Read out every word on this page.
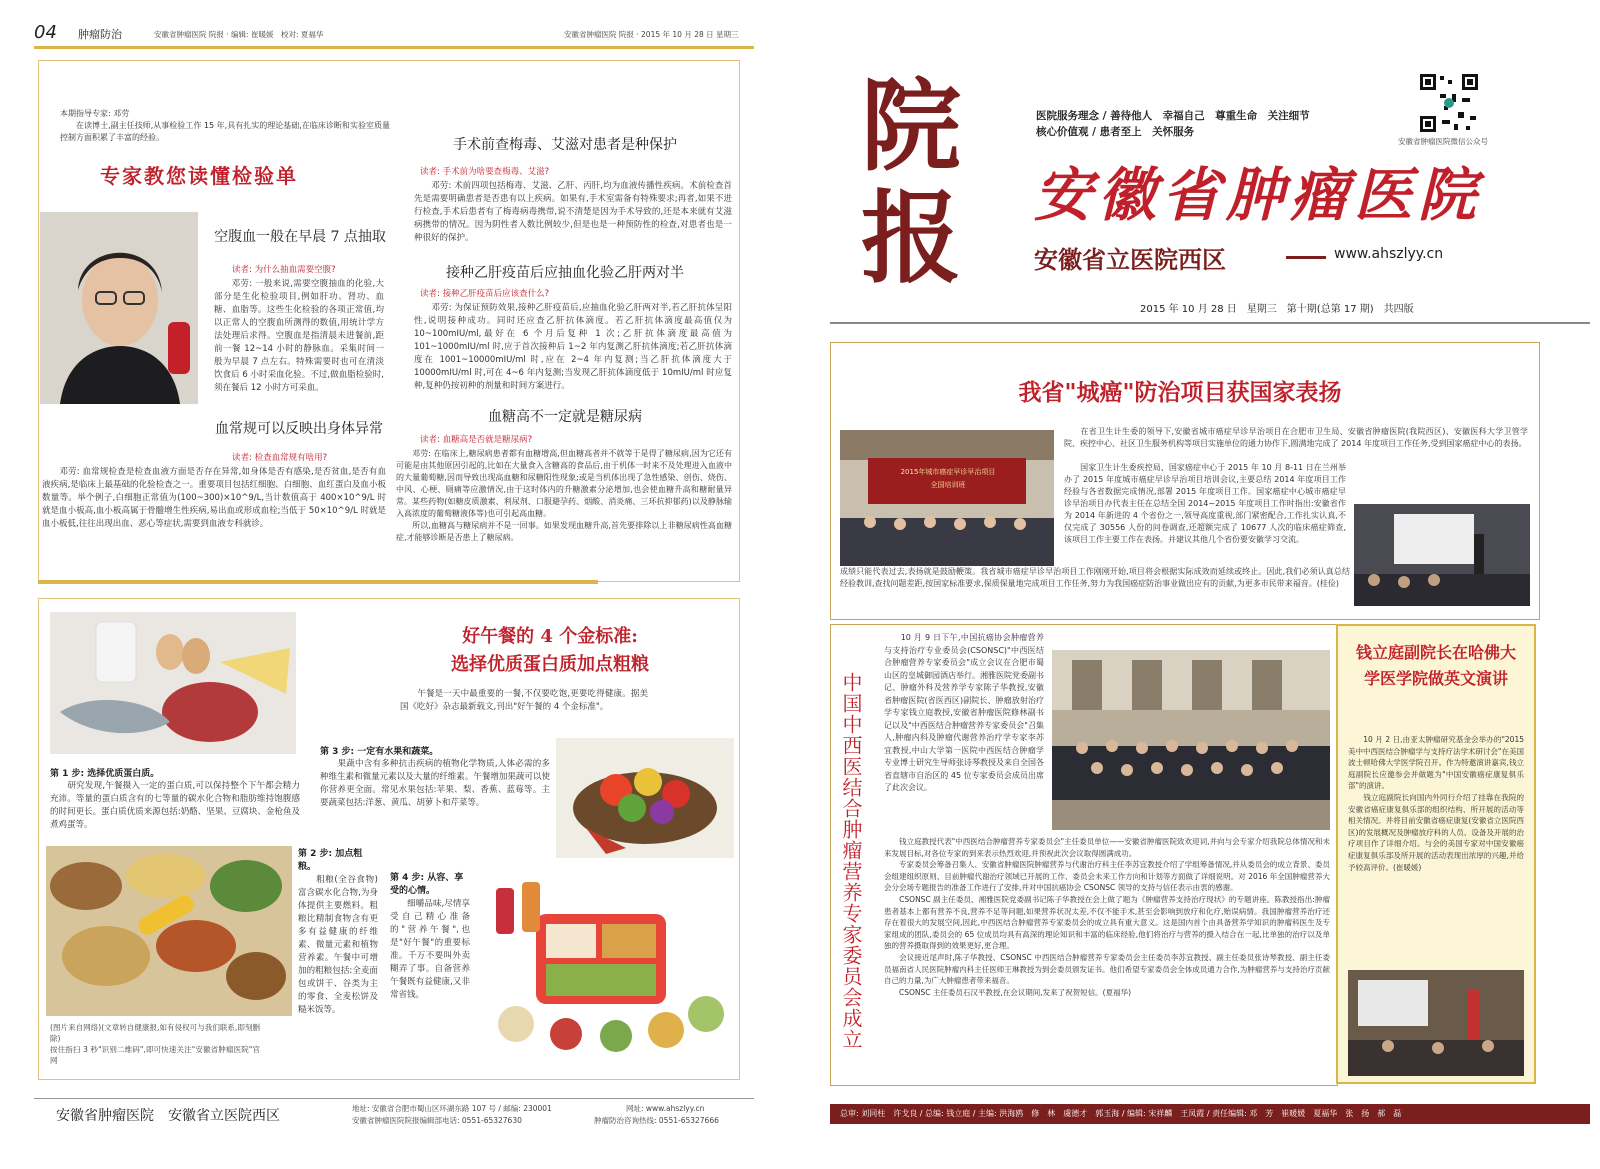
04 肿瘤防治	安徽省肿瘤医院 院报 · 编辑: 崔暖媛　校对: 夏福华	安徽省肿瘤医院 院报 · 2015 年 10 月 28 日 星期三
本期指导专家: 邓劳
　　在读博士,副主任技师,从事检验工作 15 年,具有扎实的理论基础,在临床诊断和实验室质量控制方面积累了丰富的经验。
专家教您读懂检验单
空腹血一般在早晨 7 点抽取
读者: 为什么抽血需要空腹?
　　邓劳: 一般来说,需要空腹抽血的化验,大部分是生化检验项目,例如肝功、肾功、血糖、血脂等。这些生化检验的各项正常值,均以正常人的空腹血所测得的数值,用统计学方法处理后求得。空腹血是指清晨未进餐前,距前一餐 12~14 小时的静脉血。采集时间一般为早晨 7 点左右。特殊需要时也可在清淡饮食后 6 小时采血化验。不过,做血脂检验时,须在餐后 12 小时方可采血。
血常规可以反映出身体异常
读者: 检查血常规有啥用?
　　邓劳: 血常规检查是检查血液方面是否存在异常,如身体是否有感染,是否贫血,是否有血液疾病,是临床上最基础的化验检查之一。重要项目包括红细胞、白细胞、血红蛋白及血小板数量等。举个例子,白细胞正常值为(100~300)×10^9/L,当计数值高于 400×10^9/L 时就是血小板高,血小板高属于骨髓增生性疾病,易出血或形成血栓;当低于 50×10^9/L 时就是血小板低,往往出现出血、恶心等症状,需要到血液专科就诊。
手术前查梅毒、艾滋对患者是种保护
读者: 手术前为啥要查梅毒、艾滋?
　　邓劳: 术前四项包括梅毒、艾滋、乙肝、丙肝,均为血液传播性疾病。术前检查首先是需要明确患者是否患有以上疾病。如果有,手术室需备有特殊要求;再者,如果不进行检查,手术后患者有了梅毒病毒携带,说不清楚是因为手术导致的,还是本来就有艾滋病携带的情况。因为阴性者入数比例较少,但是也是一种预防性的检查,对患者也是一种很好的保护。
接种乙肝疫苗后应抽血化验乙肝两对半
读者: 接种乙肝疫苗后应该查什么?
　　邓劳: 为保证预防效果,接种乙肝疫苗后,应抽血化验乙肝两对半,若乙肝抗体呈阳性,说明接种成功。同时还应查乙肝抗体滴度。若乙肝抗体滴度最高值仅为 10~100mIU/ml,最好在 6 个月后复种 1 次;乙肝抗体滴度最高值为 101~1000mIU/ml 时,应于首次接种后 1~2 年内复测乙肝抗体滴度;若乙肝抗体滴度在 1001~10000mIU/ml 时,应在 2~4 年内复测;当乙肝抗体滴度大于 10000mIU/ml 时,可在 4~6 年内复测;当发现乙肝抗体滴度低于 10mIU/ml 时应复种,复种仍按初种的剂量和时间方案进行。
血糖高不一定就是糖尿病
读者: 血糖高是否就是糖尿病?
　　邓劳: 在临床上,糖尿病患者都有血糖增高,但血糖高者并不就等于是得了糖尿病,因为它还有可能是由其他原因引起的,比如在大量食入含糖高的食品后,由于机体一时来不及处理进入血液中的大量葡萄糖,因而导致出现高血糖和尿糖阳性现象;或是当机体出现了急性感染、创伤、烧伤、中风、心梗、厕痛等应激情况,由于这时体内的升糖激素分泌增加,也会使血糖升高和糖耐量异常。某些药物(如糖皮质激素、利尿剂、口服避孕药、烟酸、消炎痛、三环抗抑郁药)以及静脉输入高浓度的葡萄糖液体等)也可引起高血糖。
　　所以,血糖高与糖尿病并不是一回事。如果发现血糖升高,首先要排除以上非糖尿病性高血糖症,才能够诊断是否患上了糖尿病。
好午餐的 4 个金标准:
选择优质蛋白质加点粗粮
　　午餐是一天中最重要的一餐,不仅要吃饱,更要吃得健康。据美国《吃好》杂志最新载文,刊出"好午餐的 4 个金标准"。
第 1 步: 选择优质蛋白质。
　　研究发现,午餐摄入一定的蛋白质,可以保持整个下午都会精力充沛。等量的蛋白质含有的七等量的碳水化合物和脂肪维持饱腹感的时间更长。蛋白质优质来源包括:奶酪、坚果、豆腐块、金枪鱼及煮鸡蛋等。
第 3 步: 一定有水果和蔬菜。
　　果蔬中含有多种抗击疾病的植物化学物质,人体必需的多种维生素和微量元素以及大量的纤维素。午餐增加果蔬可以使你营养更全面。常见水果包括:苹果、梨、香蕉、蓝莓等。主要蔬菜包括:洋葱、黄瓜、胡萝卜和芹菜等。
第 2 步: 加点粗粮。
　　粗粮(全谷食物)富含碳水化合物,为身体提供主要燃料。粗粮比精制食物含有更多有益健康的纤维素、微量元素和植物营养素。午餐中可增加的粗粮包括:全麦面包或饼干、谷类为主的零食、全麦松饼及糙米饭等。
第 4 步: 从容、享受的心情。
　　细嚼品味,尽情享受自己精心准备的"营养午餐",也是"好午餐"的重要标准。千万不要叫外卖糊弄了事。自备营养午餐既有益健康,又非常省钱。
(图片来自网络)(文章转自健康报,如有侵权可与我们联系,即刻删除)
按住指扫 3 秒"识别二维码",即可快速关注"安徽省肿瘤医院"官网
安徽省肿瘤医院　安徽省立医院西区	地址: 安徽省合肥市蜀山区环湖东路 107 号 / 邮编: 230001
安徽省肿瘤医院院报编辑部电话: 0551-65327630
网址: www.ahszlyy.cn
肿瘤防治咨询热线: 0551-65327666
院报
医院服务理念 / 善待他人　幸福自己　尊重生命　关注细节
核心价值观 / 患者至上　关怀服务
安徽省肿瘤医院微信公众号
安徽省肿瘤医院
安徽省立医院西区	www.ahszlyy.cn
2015 年 10 月 28 日　星期三　第十期(总第 17 期)　共四版
我省"城癌"防治项目获国家表扬
2015年城市癌症早诊早治项目
全国培训班
　　在省卫生计生委的领导下,安徽省城市癌症早诊早治项目在合肥市卫生局、安徽省肿瘤医院(我院西区)、安徽医科大学卫管学院、疾控中心、社区卫生服务机构等项目实施单位的通力协作下,圆满地完成了 2014 年度项目工作任务,受到国家癌症中心的表扬。
　　国家卫生计生委疾控局、国家癌症中心于 2015 年 10 月 8-11 日在兰州举办了 2015 年度城市癌症早诊早治项目培训会议,主要总结 2014 年度项目工作经验与各省数据完成情况,部署 2015 年度项目工作。国家癌症中心城市癌症早诊早治项目办代表主任在总结全国 2014~2015 年度项目工作时指出:安徽省作为 2014 年新进的 4 个省份之一,领导高度重视,部门紧密配合,工作扎实认真,不仅完成了 30556 人份的问卷调查,还超额完成了 10677 人次的临床癌症筛查,该项目工作主要工作在表扬。并建议其他几个省份要安徽学习交流。
成绩只能代表过去,表扬就是鼓励鞭策。我省城市癌症早诊早治项目工作刚刚开始,项目将会根据实际成效而延续或终止。因此,我们必须认真总结经验教训,查找问题差距,按国家标准要求,保质保量地完成项目工作任务,努力为我国癌症防治事业做出应有的贡献,为更多市民带来福音。(桂俭)
中国中西医结合肿瘤营养专家委员会成立
　　10 月 9 日下午,中国抗癌协会肿瘤营养与支持治疗专业委员会(CSONSC)"中西医结合肿瘤营养专家委员会"成立会议在合肥市蜀山区的皇城御园酒店举行。湘雅医院党委副书记、肿瘤外科及营养学专家陈子华教授,安徽省肿瘤医院(省医西区)副院长、肿瘤放射治疗学专家钱立庭教授,安徽省肿瘤医院修林副书记以及"中西医结合肿瘤营养专家委员会"召集人,肿瘤内科及肿瘤代谢营养治疗学专家李苏宜教授,中山大学第一医院中西医结合肿瘤学专业博士研究生导师张诗琴教授及来自全国各省直辖市自治区的 45 位专家委员会成员出席了此次会议。
　　钱立庭教授代表"中西医结合肿瘤营养专家委员会"主任委员单位——安徽省肿瘤医院致欢迎词,并向与会专家介绍我院总体情况和未来发展目标,对各位专家的到来表示热烈欢迎,并预祝此次会议取得圆满成功。
　　专家委员会筹备召集人、安徽省肿瘤医院肿瘤营养与代谢治疗科主任李苏宜教授介绍了学组筹备情况,并从委员会的成立背景、委员会组建组织原则、目前肿瘤代谢治疗领域已开展的工作、委员会未来工作方向和计划等方面做了详细说明。对 2016 年全国肿瘤营养大会分会场专题报告的准备工作进行了安排,并对中国抗癌协会 CSONSC 领导的支持与信任表示由衷的感谢。
　　CSONSC 副主任委员、湘雅医院党委副书记陈子华教授在会上做了题为《肿瘤营养支持治疗现状》的专题讲座。陈教授指出:肿瘤患者基本上都有营养不良,营养不足等问题,如果营养状况太差,不仅不能手术,甚至会影响到放疗和化疗,贻误病情。我国肿瘤营养治疗还存在着很大的发展空间,因此,中西医结合肿瘤营养专家委员会的成立具有重大意义。这是国内首个由具备营养学知识的肿瘤科医生及专家组成的团队,委员会的 65 位成员均具有高深的理论知识和丰富的临床经验,他们将治疗与营养的摄入结合在一起,比单独的治疗以及单独的营养摄取得到的效果更好,更合理。
　　会议接近尾声时,陈子华教授、CSONSC 中西医结合肿瘤营养专家委员会主任委员李苏宜教授、副主任委员张诗琴教授、副主任委员福南省人民医院肿瘤内科主任医师王琳教授为到会委员颁发证书。他们希望专家委员会全体成员通力合作,为肿瘤营养与支持治疗贡献自己的力量,为广大肿瘤患者带来福音。
　　CSONSC 主任委员石汉平教授,在会议期间,发来了祝贺短信。(夏福华)
钱立庭副院长在哈佛大学医学院做英文演讲
　　10 月 2 日,由亚太肿瘤研究基金会举办的"2015 美中中西医结合肿瘤学与支持疗法学术研讨会"在美国波士顿哈佛大学医学院召开。作为特邀演讲嘉宾,钱立庭副院长应邀参会并做题为"中国安徽癌症康复俱乐部"的演讲。
　　钱立庭副院长向国内外同行介绍了挂靠在我院的安徽省癌症康复俱乐部的组织结构、所开展的活动等相关情况。并将目前安徽省癌症康复(安徽省立医院西区)的发展概况及肿瘤放疗科的人员、设备及开展的治疗项目作了详细介绍。与会的美国专家对中国安徽癌症康复俱乐部及所开展的活动表现出浓厚的兴趣,并给予较高评价。(崔暖媛)
总审: 刘同柱　许戈良 / 总编: 钱立庭 / 主编: 洪海鸥　修　林　虞德才　郭玉海 / 编辑: 宋祥麟　王凤霞 / 责任编辑: 邓　芳　崔暖媛　夏福华　张　扬　郝　磊
